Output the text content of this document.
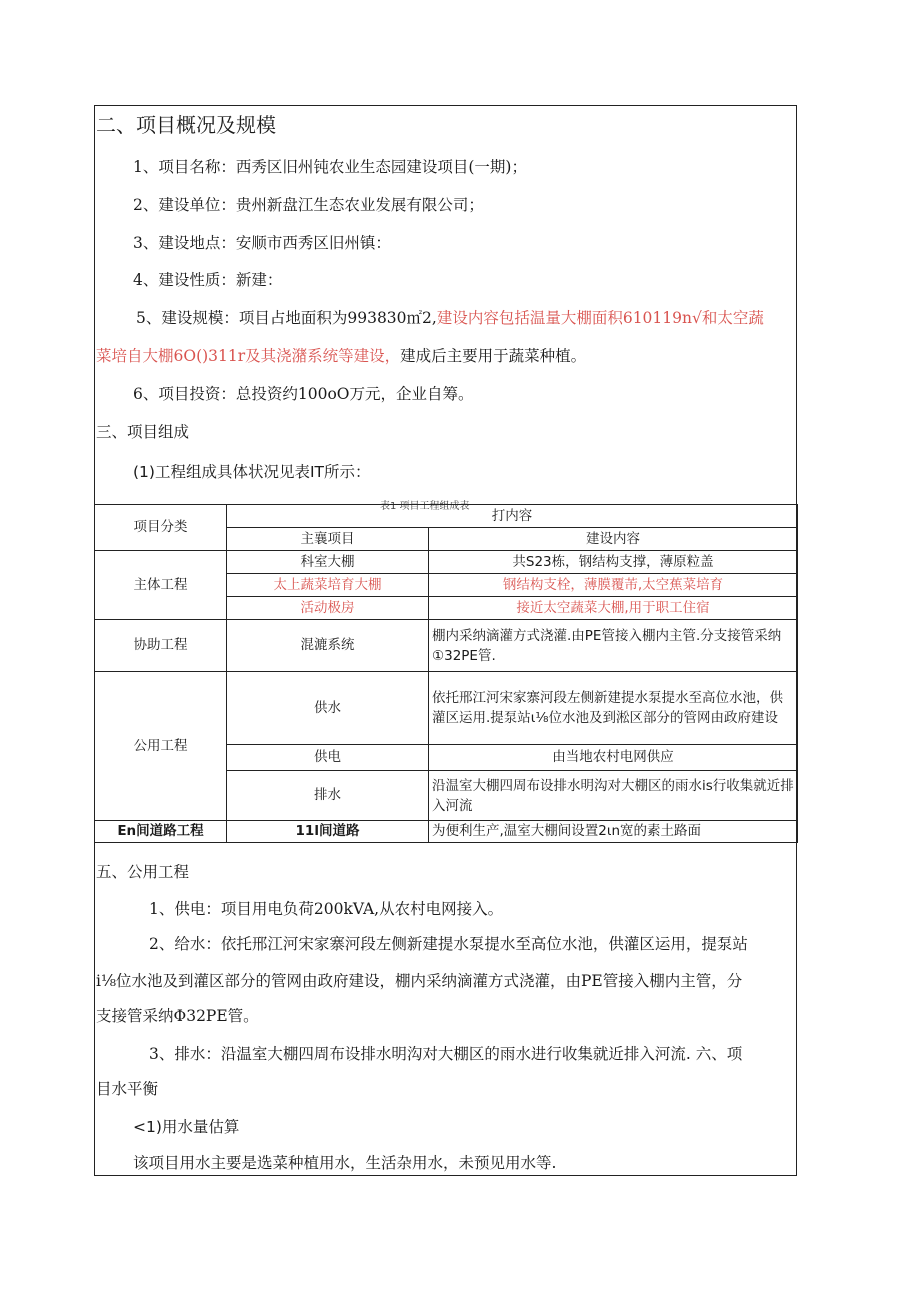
二、项目概况及规模
1、项目名称：西秀区旧州钝农业生态园建设项目(一期)；
2、建设单位：贵州新盘江生态农业发展有限公司；
3、建设地点：安顺市西秀区旧州镇：
4、建设性质：新建：
5、建设规模：项目占地面积为993830㎡2,建设内容包括温量大棚面积610119n√和太空蔬
菜培自大棚6O()311r及其浇潴系统等建设，建成后主要用于蔬菜种植。
6、项目投资：总投资约100oO万元，企业自筹。
三、项目组成
(1)工程组成具体状况见表IT所示：
表1 项目工程组成表
项目分类	打内容	
	主襄项目	建设内容
主体工程	科室大棚	共S23栋，钢结构支撑，薄原粒盖
	太上蔬菜培育大棚	钢结构支栓，薄膜覆芾,太空蕉菜培育
	活动极房	接近太空蔬菜大棚,用于职工住宿
协助工程	混漉系统	棚内采纳滴灌方式浇灌.由PE管接入棚内主管.分支接管采纳①32PE管.
公用工程	供水	依托邢江河宋家寨河段左侧新建提水泵提水至高位水池，供灌区运用.提泵站ι⅛位水池及到淞区部分的管网由政府建设
	供电	由当地农村电网供应
	排水	沿温室大棚四周布设排水明沟对大棚区的雨水is行收集就近排入河流
En间道路工程	11l间道路	为便利生产,温室大棚间设置2ιn宽的素土路面
五、公用工程
1、供电：项目用电负荷200kVA,从农村电网接入。
2、给水：依托邢江河宋家寨河段左侧新建提水泵提水至高位水池，供灌区运用，提泵站
i⅛位水池及到灌区部分的管网由政府建设，棚内采纳滴灌方式浇灌，由PE管接入棚内主管，分
支接管采纳Φ32PE管。
3、排水：沿温室大棚四周布设排水明沟对大棚区的雨水进行收集就近排入河流. 六、项
目水平衡
<1)用水量估算
该项目用水主要是选菜种植用水，生活杂用水，未预见用水等.
